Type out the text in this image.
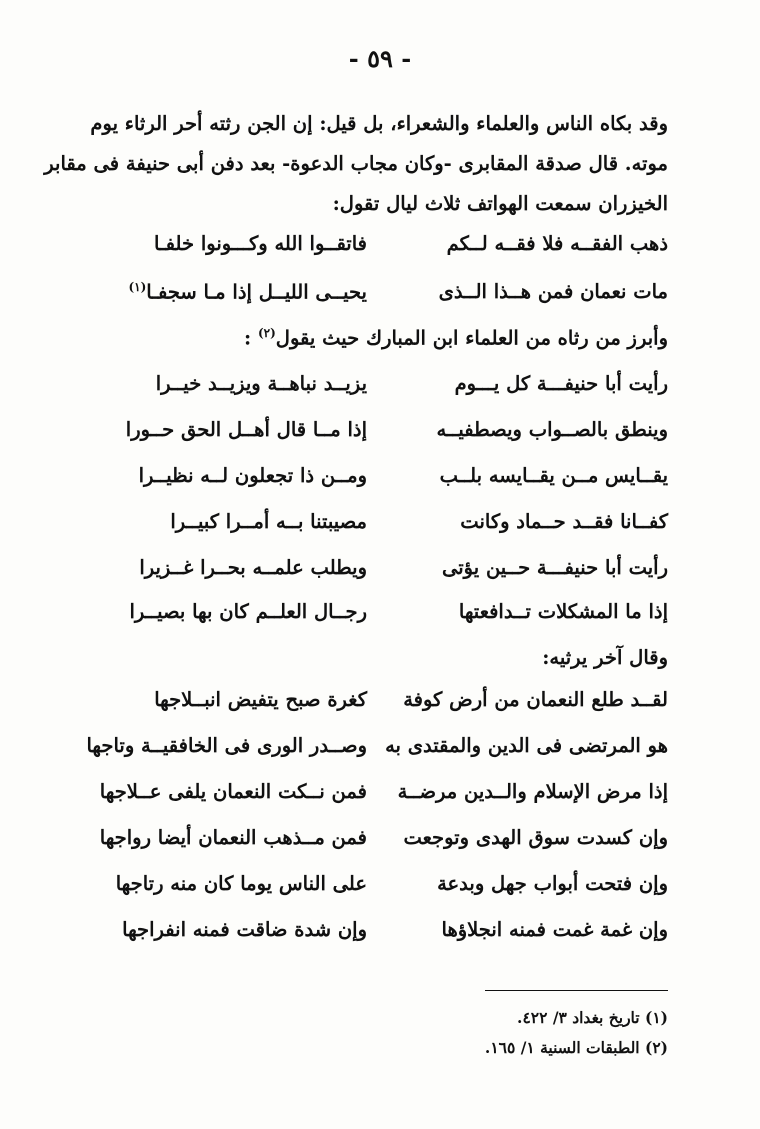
- ٥٩ -
وقد بكاه الناس والعلماء والشعراء، بل قيل: إن الجن رثته أحر الرثاء يوم
موته. قال صدقة المقابرى -وكان مجاب الدعوة- بعد دفن أبى حنيفة فى مقابر
الخيزران سمعت الهواتف ثلاث ليال تقول:
ذهب الفقــه فلا فقــه لــكم
فاتقــوا الله وكـــونوا خلفـا
مات نعمان فمن هــذا الــذى
يحيــى الليــل إذا مـا سجفـا$^{(١)}$
وأبرز من رثاه من العلماء ابن المبارك حيث يقول$^{(٢)}$ :
رأيت أبا حنيفـــة كل يـــوم
يزيــد نباهــة ويزيــد خيــرا
وينطق بالصــواب ويصطفيــه
إذا مــا قال أهــل الحق حــورا
يقــايس مــن يقــايسه بلــب
ومــن ذا تجعلون لــه نظيــرا
كفــانا فقــد حــماد وكانت
مصيبتنا بــه أمــرا كبيــرا
رأيت أبا حنيفـــة حــين يؤتى
ويطلب علمــه بحــرا غــزيرا
إذا ما المشكلات تــدافعتها
رجــال العلــم كان بها بصيــرا
وقال آخر يرثيه:
لقــد طلع النعمان من أرض كوفة
كغرة صبح يتفيض انبــلاجها
هو المرتضى فى الدين والمقتدى به
وصــدر الورى فى الخافقيــة وتاجها
إذا مرض الإسلام والــدين مرضــة
فمن نــكت النعمان يلفى عــلاجها
وإن كسدت سوق الهدى وتوجعت
فمن مــذهب النعمان أيضا رواجها
وإن فتحت أبواب جهل وبدعة
على الناس يوما كان منه رتاجها
وإن غمة غمت فمنه انجلاؤها
وإن شدة ضاقت فمنه انفراجها
(١) تاريخ بغداد ٣/ ٤٢٢.
(٢) الطبقات السنية ١/ ١٦٥.
